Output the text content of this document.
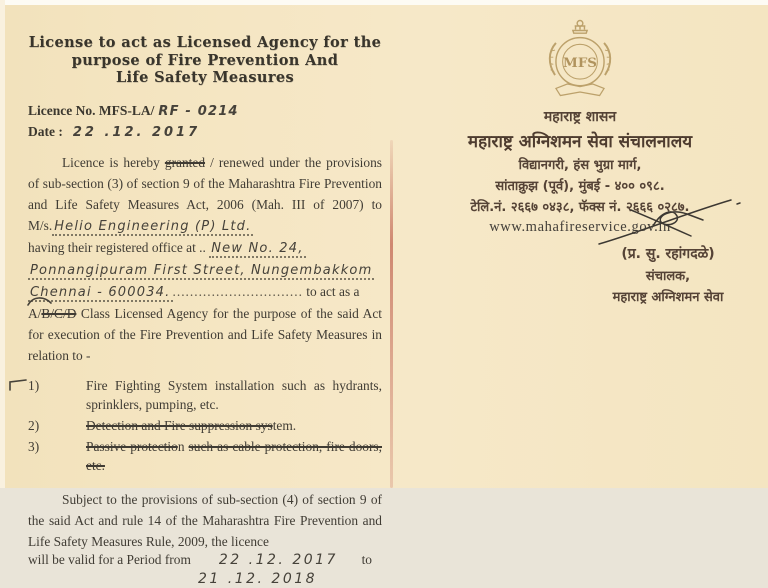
License to act as Licensed Agency for the
purpose of Fire Prevention And
Life Safety Measures
Licence No. MFS-LA/ RF - 0214
Date : 22 .12. 2017
Licence is hereby granted / renewed under the provisions of sub-section (3) of section 9 of the Maharashtra Fire Prevention and Life Safety Measures Act, 2006 (Mah. III of 2007) to M/s. Helio Engineering (P) Ltd.
having their registered office at .. New No. 24,
Ponnangipuram First Street, Nungembakkom
Chennai - 600034. .............................. to act as a

A/B/C/D Class Licensed Agency for the purpose of the said Act for execution of the Fire Prevention and Life Safety Measures in relation to -
1)	Fire Fighting System installation such as hydrants, sprinklers, pumping, etc.
2)	Detection and Fire suppression system.
3)	Passive protection such as cable protection, fire doors, etc.
Subject to the provisions of sub-section (4) of section 9 of the said Act and rule 14 of the Maharashtra Fire Prevention and Life Safety Measures Rule, 2009, the licence
will be valid for a Period from 22 .12. 2017 to
21 .12. 2018
MFS
महाराष्ट्र शासन
महाराष्ट्र अग्निशमन सेवा संचालनालय
विद्यानगरी, हंस भुग्रा मार्ग,
सांताक्रुझ (पूर्व), मुंबई - ४०० ०९८.
टेलि.नं. २६६७ ०४३८, फॅक्स नं. २६६६ ०२८७.
www.mahafireservice.gov.in
(प्र. सु. रहांगदळे)
संचालक,
महाराष्ट्र अग्निशमन सेवा
